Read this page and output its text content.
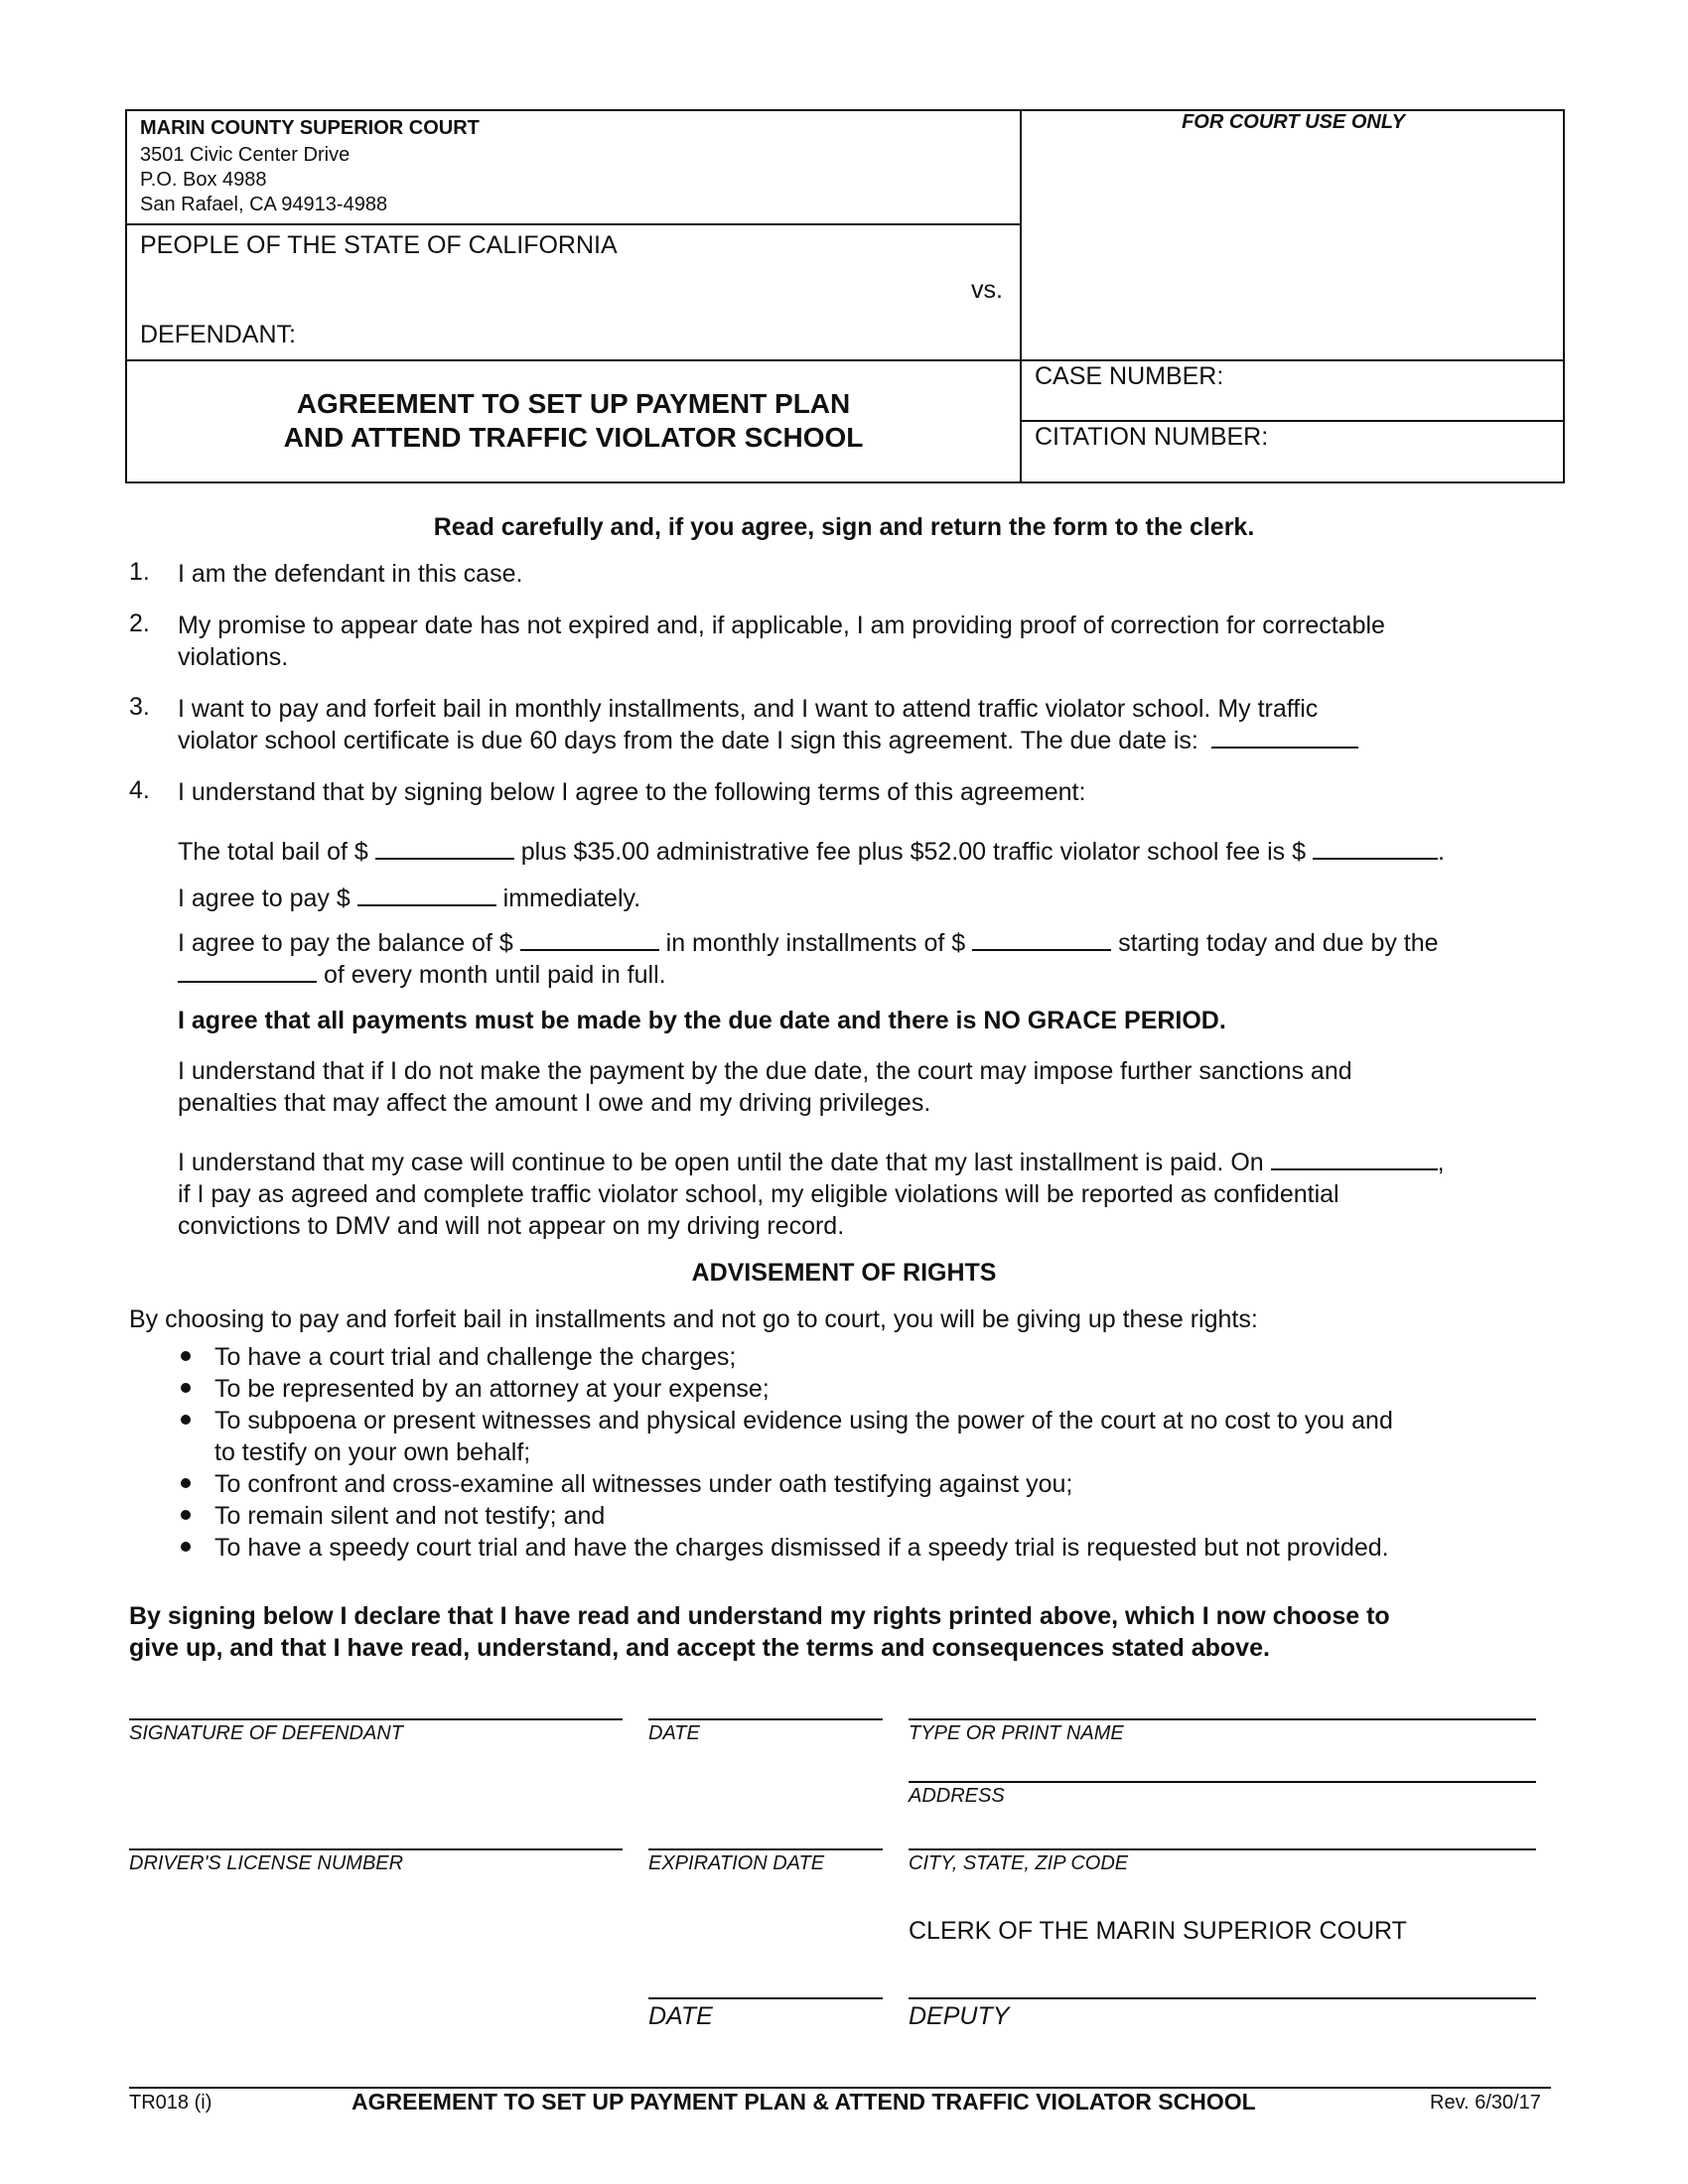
MARIN COUNTY SUPERIOR COURT
3501 Civic Center Drive
P.O. Box 4988
San Rafael, CA 94913-4988
FOR COURT USE ONLY
PEOPLE OF THE STATE OF CALIFORNIA
vs.
DEFENDANT:
AGREEMENT TO SET UP PAYMENT PLAN
AND ATTEND TRAFFIC VIOLATOR SCHOOL
CASE NUMBER:
CITATION NUMBER:
Read carefully and, if you agree, sign and return the form to the clerk.
1. I am the defendant in this case.
2. My promise to appear date has not expired and, if applicable, I am providing proof of correction for correctable
violations.
3. I want to pay and forfeit bail in monthly installments, and I want to attend traffic violator school. My traffic
violator school certificate is due 60 days from the date I sign this agreement. The due date is:
4. I understand that by signing below I agree to the following terms of this agreement:
The total bail of $	plus $35.00 administrative fee plus $52.00 traffic violator school fee is $	.
I agree to pay $	immediately.
I agree to pay the balance of $	in monthly installments of $	starting today and due by the
of every month until paid in full.
I agree that all payments must be made by the due date and there is NO GRACE PERIOD.
I understand that if I do not make the payment by the due date, the court may impose further sanctions and
penalties that may affect the amount I owe and my driving privileges.
I understand that my case will continue to be open until the date that my last installment is paid. On	,
if I pay as agreed and complete traffic violator school, my eligible violations will be reported as confidential
convictions to DMV and will not appear on my driving record.
ADVISEMENT OF RIGHTS
By choosing to pay and forfeit bail in installments and not go to court, you will be giving up these rights:
To have a court trial and challenge the charges;
To be represented by an attorney at your expense;
To subpoena or present witnesses and physical evidence using the power of the court at no cost to you and
to testify on your own behalf;
To confront and cross-examine all witnesses under oath testifying against you;
To remain silent and not testify; and
To have a speedy court trial and have the charges dismissed if a speedy trial is requested but not provided.
By signing below I declare that I have read and understand my rights printed above, which I now choose to
give up, and that I have read, understand, and accept the terms and consequences stated above.
SIGNATURE OF DEFENDANT	DATE	TYPE OR PRINT NAME
ADDRESS
DRIVER'S LICENSE NUMBER	EXPIRATION DATE	CITY, STATE, ZIP CODE
CLERK OF THE MARIN SUPERIOR COURT
DATE	DEPUTY
TR018 (i)	AGREEMENT TO SET UP PAYMENT PLAN & ATTEND TRAFFIC VIOLATOR SCHOOL	Rev. 6/30/17
